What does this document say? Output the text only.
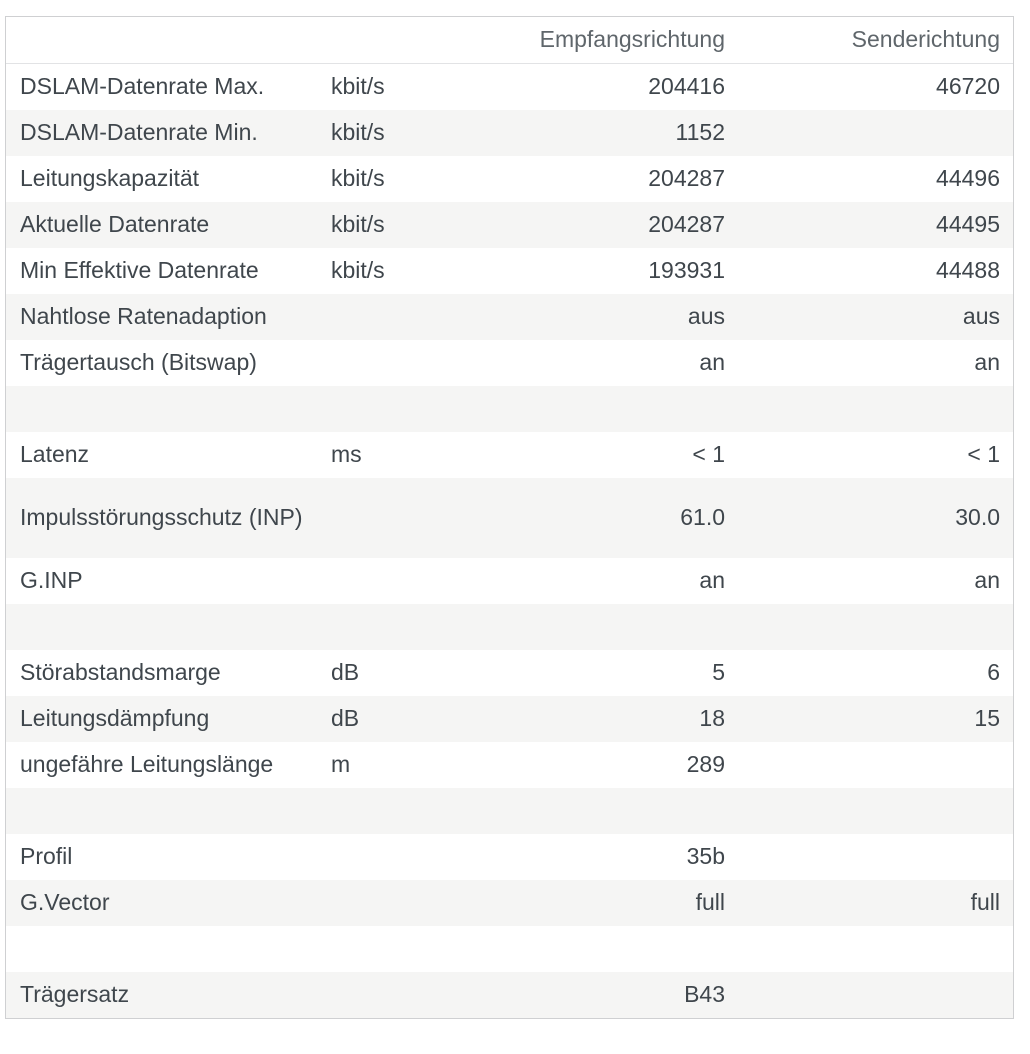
		Empfangsrichtung	Senderichtung
DSLAM-Datenrate Max.	kbit/s	204416	46720
DSLAM-Datenrate Min.	kbit/s	1152	
Leitungskapazität	kbit/s	204287	44496
Aktuelle Datenrate	kbit/s	204287	44495
Min Effektive Datenrate	kbit/s	193931	44488
Nahtlose Ratenadaption		aus	aus
Trägertausch (Bitswap)		an	an

Latenz	ms	< 1	< 1
Impulsstörungsschutz (INP)		61.0	30.0
G.INP		an	an

Störabstandsmarge	dB	5	6
Leitungsdämpfung	dB	18	15
ungefähre Leitungslänge	m	289	

Profil		35b	
G.Vector		full	full

Trägersatz		B43	
